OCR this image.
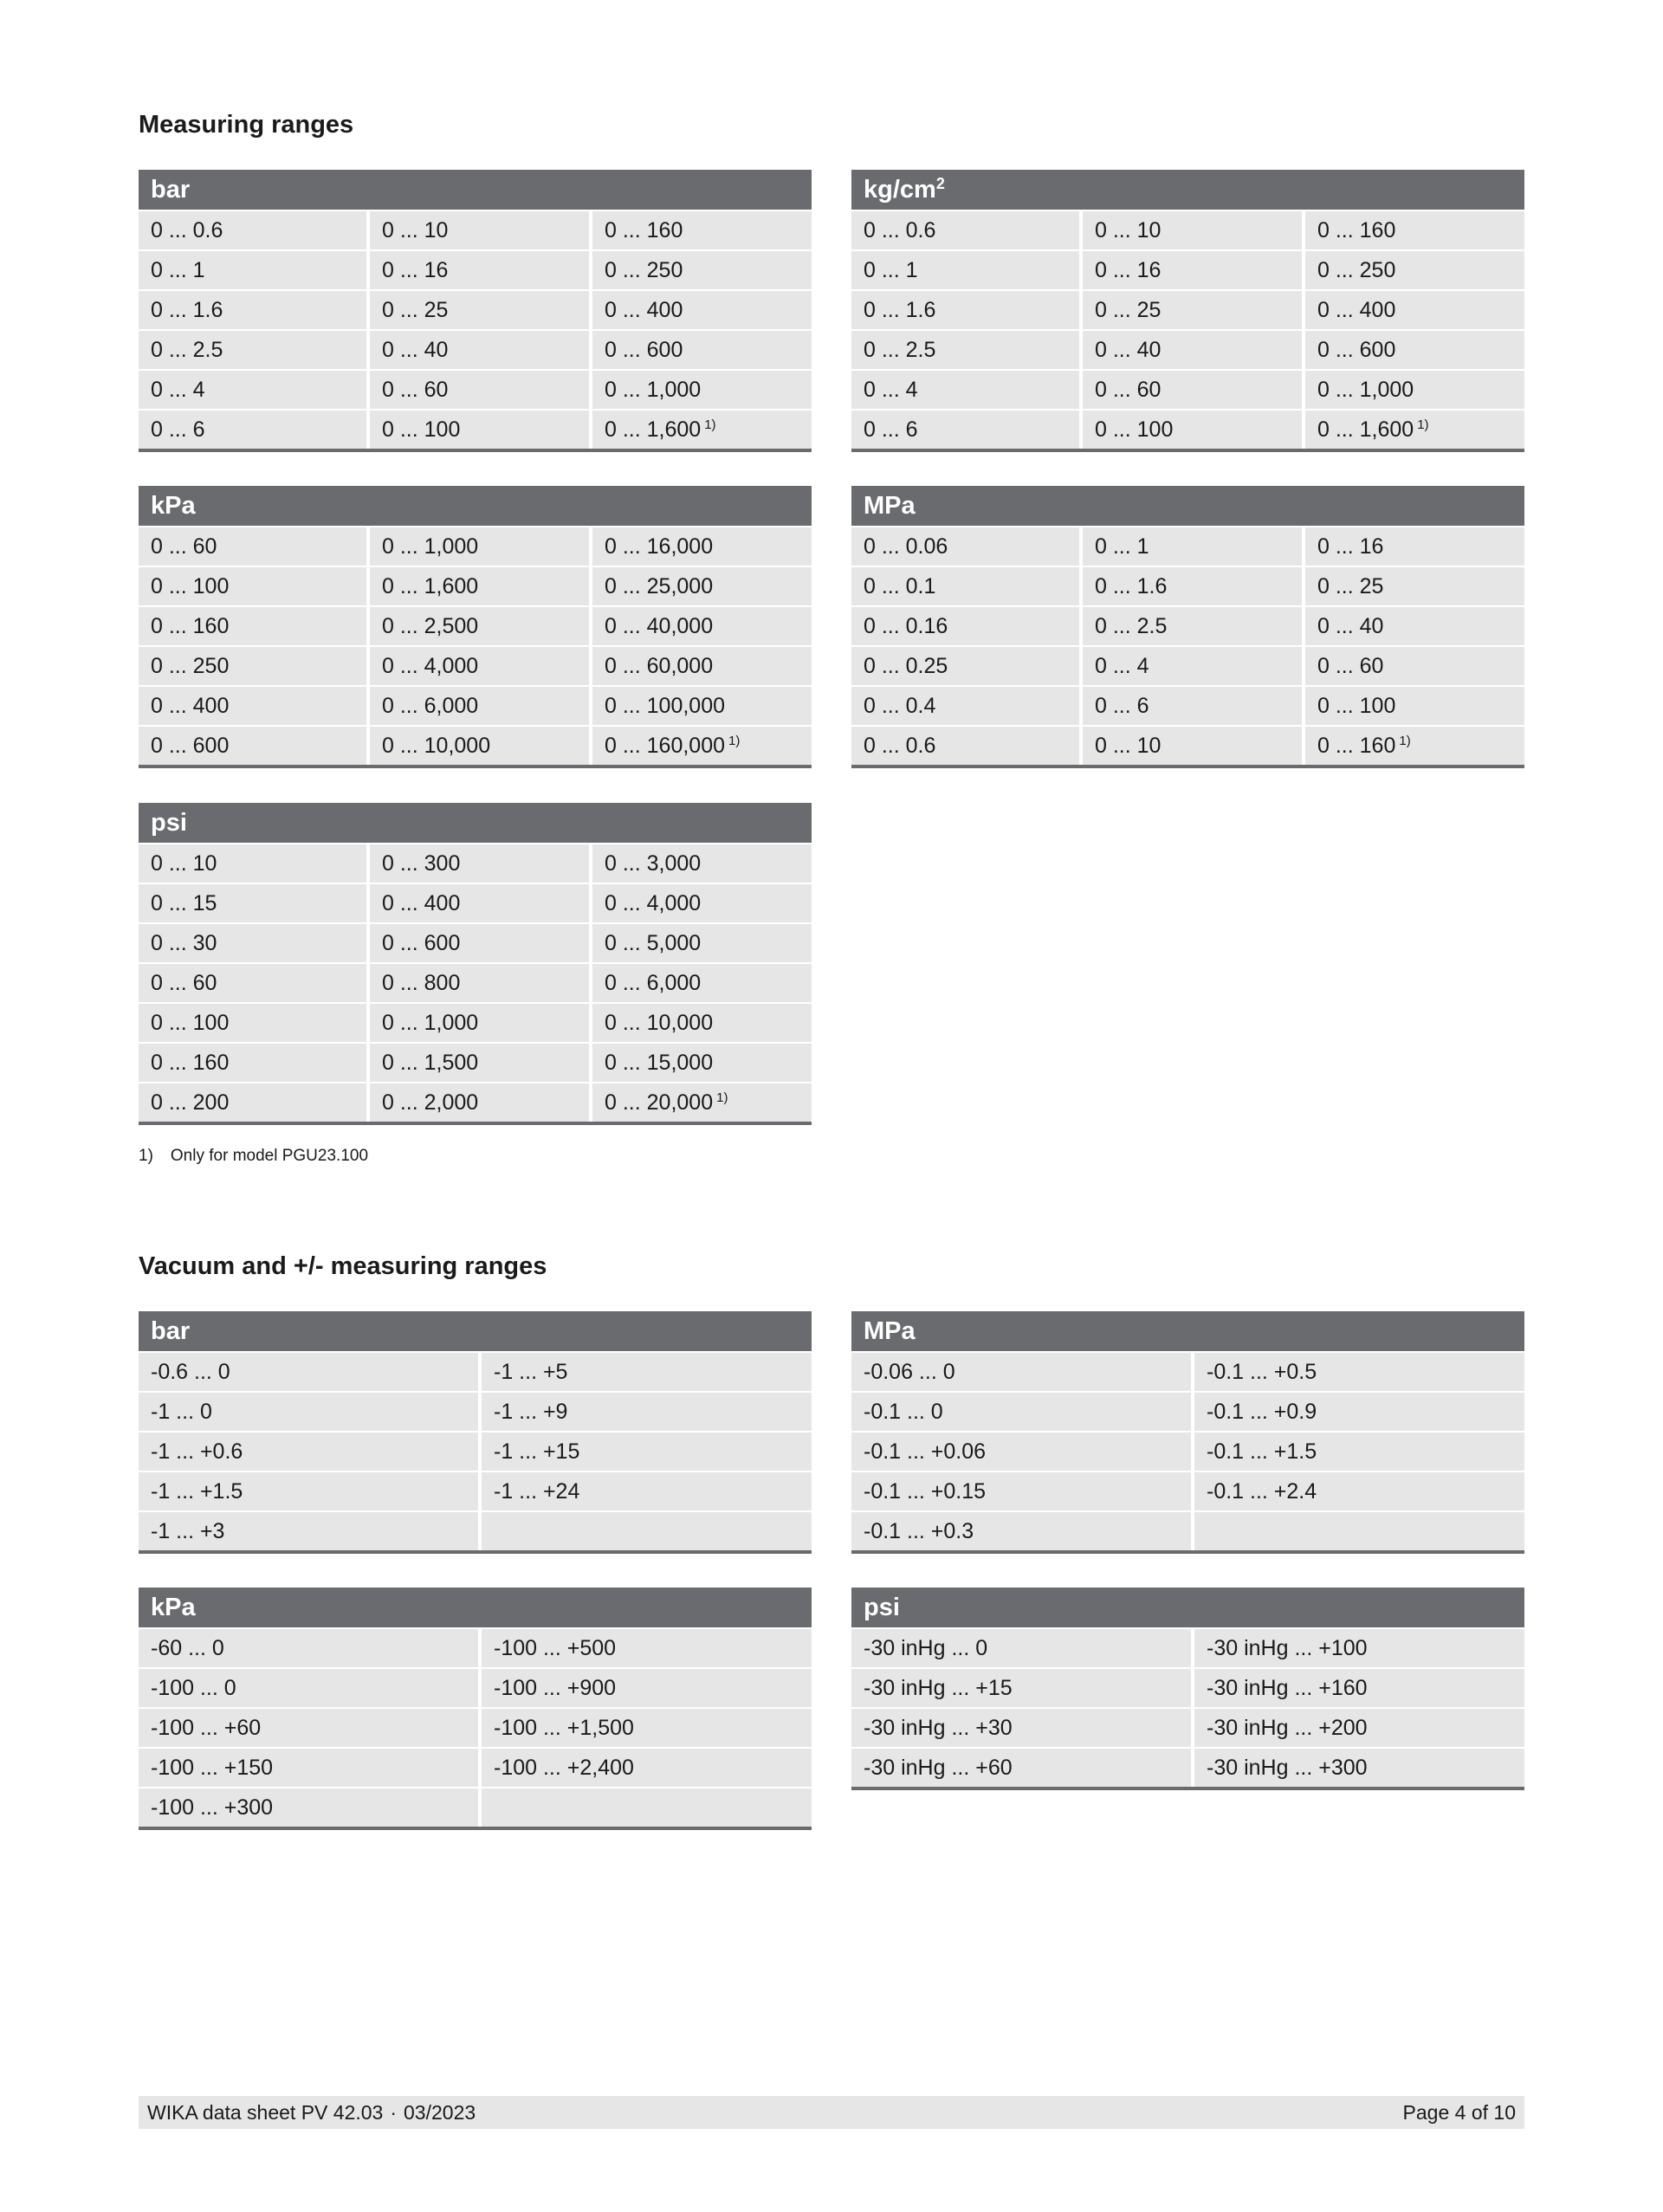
Measuring ranges
bar
0 ... 0.6	0 ... 10	0 ... 160
0 ... 1	0 ... 16	0 ... 250
0 ... 1.6	0 ... 25	0 ... 400
0 ... 2.5	0 ... 40	0 ... 600
0 ... 4	0 ... 60	0 ... 1,000
0 ... 6	0 ... 100	0 ... 1,600 $^{1)}$
$kg/cm^2$
0 ... 0.6	0 ... 10	0 ... 160
0 ... 1	0 ... 16	0 ... 250
0 ... 1.6	0 ... 25	0 ... 400
0 ... 2.5	0 ... 40	0 ... 600
0 ... 4	0 ... 60	0 ... 1,000
0 ... 6	0 ... 100	0 ... 1,600 $^{1)}$
kPa
0 ... 60	0 ... 1,000	0 ... 16,000
0 ... 100	0 ... 1,600	0 ... 25,000
0 ... 160	0 ... 2,500	0 ... 40,000
0 ... 250	0 ... 4,000	0 ... 60,000
0 ... 400	0 ... 6,000	0 ... 100,000
0 ... 600	0 ... 10,000	0 ... 160,000 $^{1)}$
MPa
0 ... 0.06	0 ... 1	0 ... 16
0 ... 0.1	0 ... 1.6	0 ... 25
0 ... 0.16	0 ... 2.5	0 ... 40
0 ... 0.25	0 ... 4	0 ... 60
0 ... 0.4	0 ... 6	0 ... 100
0 ... 0.6	0 ... 10	0 ... 160 $^{1)}$
psi
0 ... 10	0 ... 300	0 ... 3,000
0 ... 15	0 ... 400	0 ... 4,000
0 ... 30	0 ... 600	0 ... 5,000
0 ... 60	0 ... 800	0 ... 6,000
0 ... 100	0 ... 1,000	0 ... 10,000
0 ... 160	0 ... 1,500	0 ... 15,000
0 ... 200	0 ... 2,000	0 ... 20,000 $^{1)}$
1) Only for model PGU23.100
Vacuum and +/- measuring ranges
bar
-0.6 ... 0	-1 ... +5
-1 ... 0	-1 ... +9
-1 ... +0.6	-1 ... +15
-1 ... +1.5	-1 ... +24
-1 ... +3
MPa
-0.06 ... 0	-0.1 ... +0.5
-0.1 ... 0	-0.1 ... +0.9
-0.1 ... +0.06	-0.1 ... +1.5
-0.1 ... +0.15	-0.1 ... +2.4
-0.1 ... +0.3
kPa
-60 ... 0	-100 ... +500
-100 ... 0	-100 ... +900
-100 ... +60	-100 ... +1,500
-100 ... +150	-100 ... +2,400
-100 ... +300
psi
-30 inHg ... 0	-30 inHg ... +100
-30 inHg ... +15	-30 inHg ... +160
-30 inHg ... +30	-30 inHg ... +200
-30 inHg ... +60	-30 inHg ... +300
WIKA data sheet PV 42.03 · 03/2023	Page 4 of 10
